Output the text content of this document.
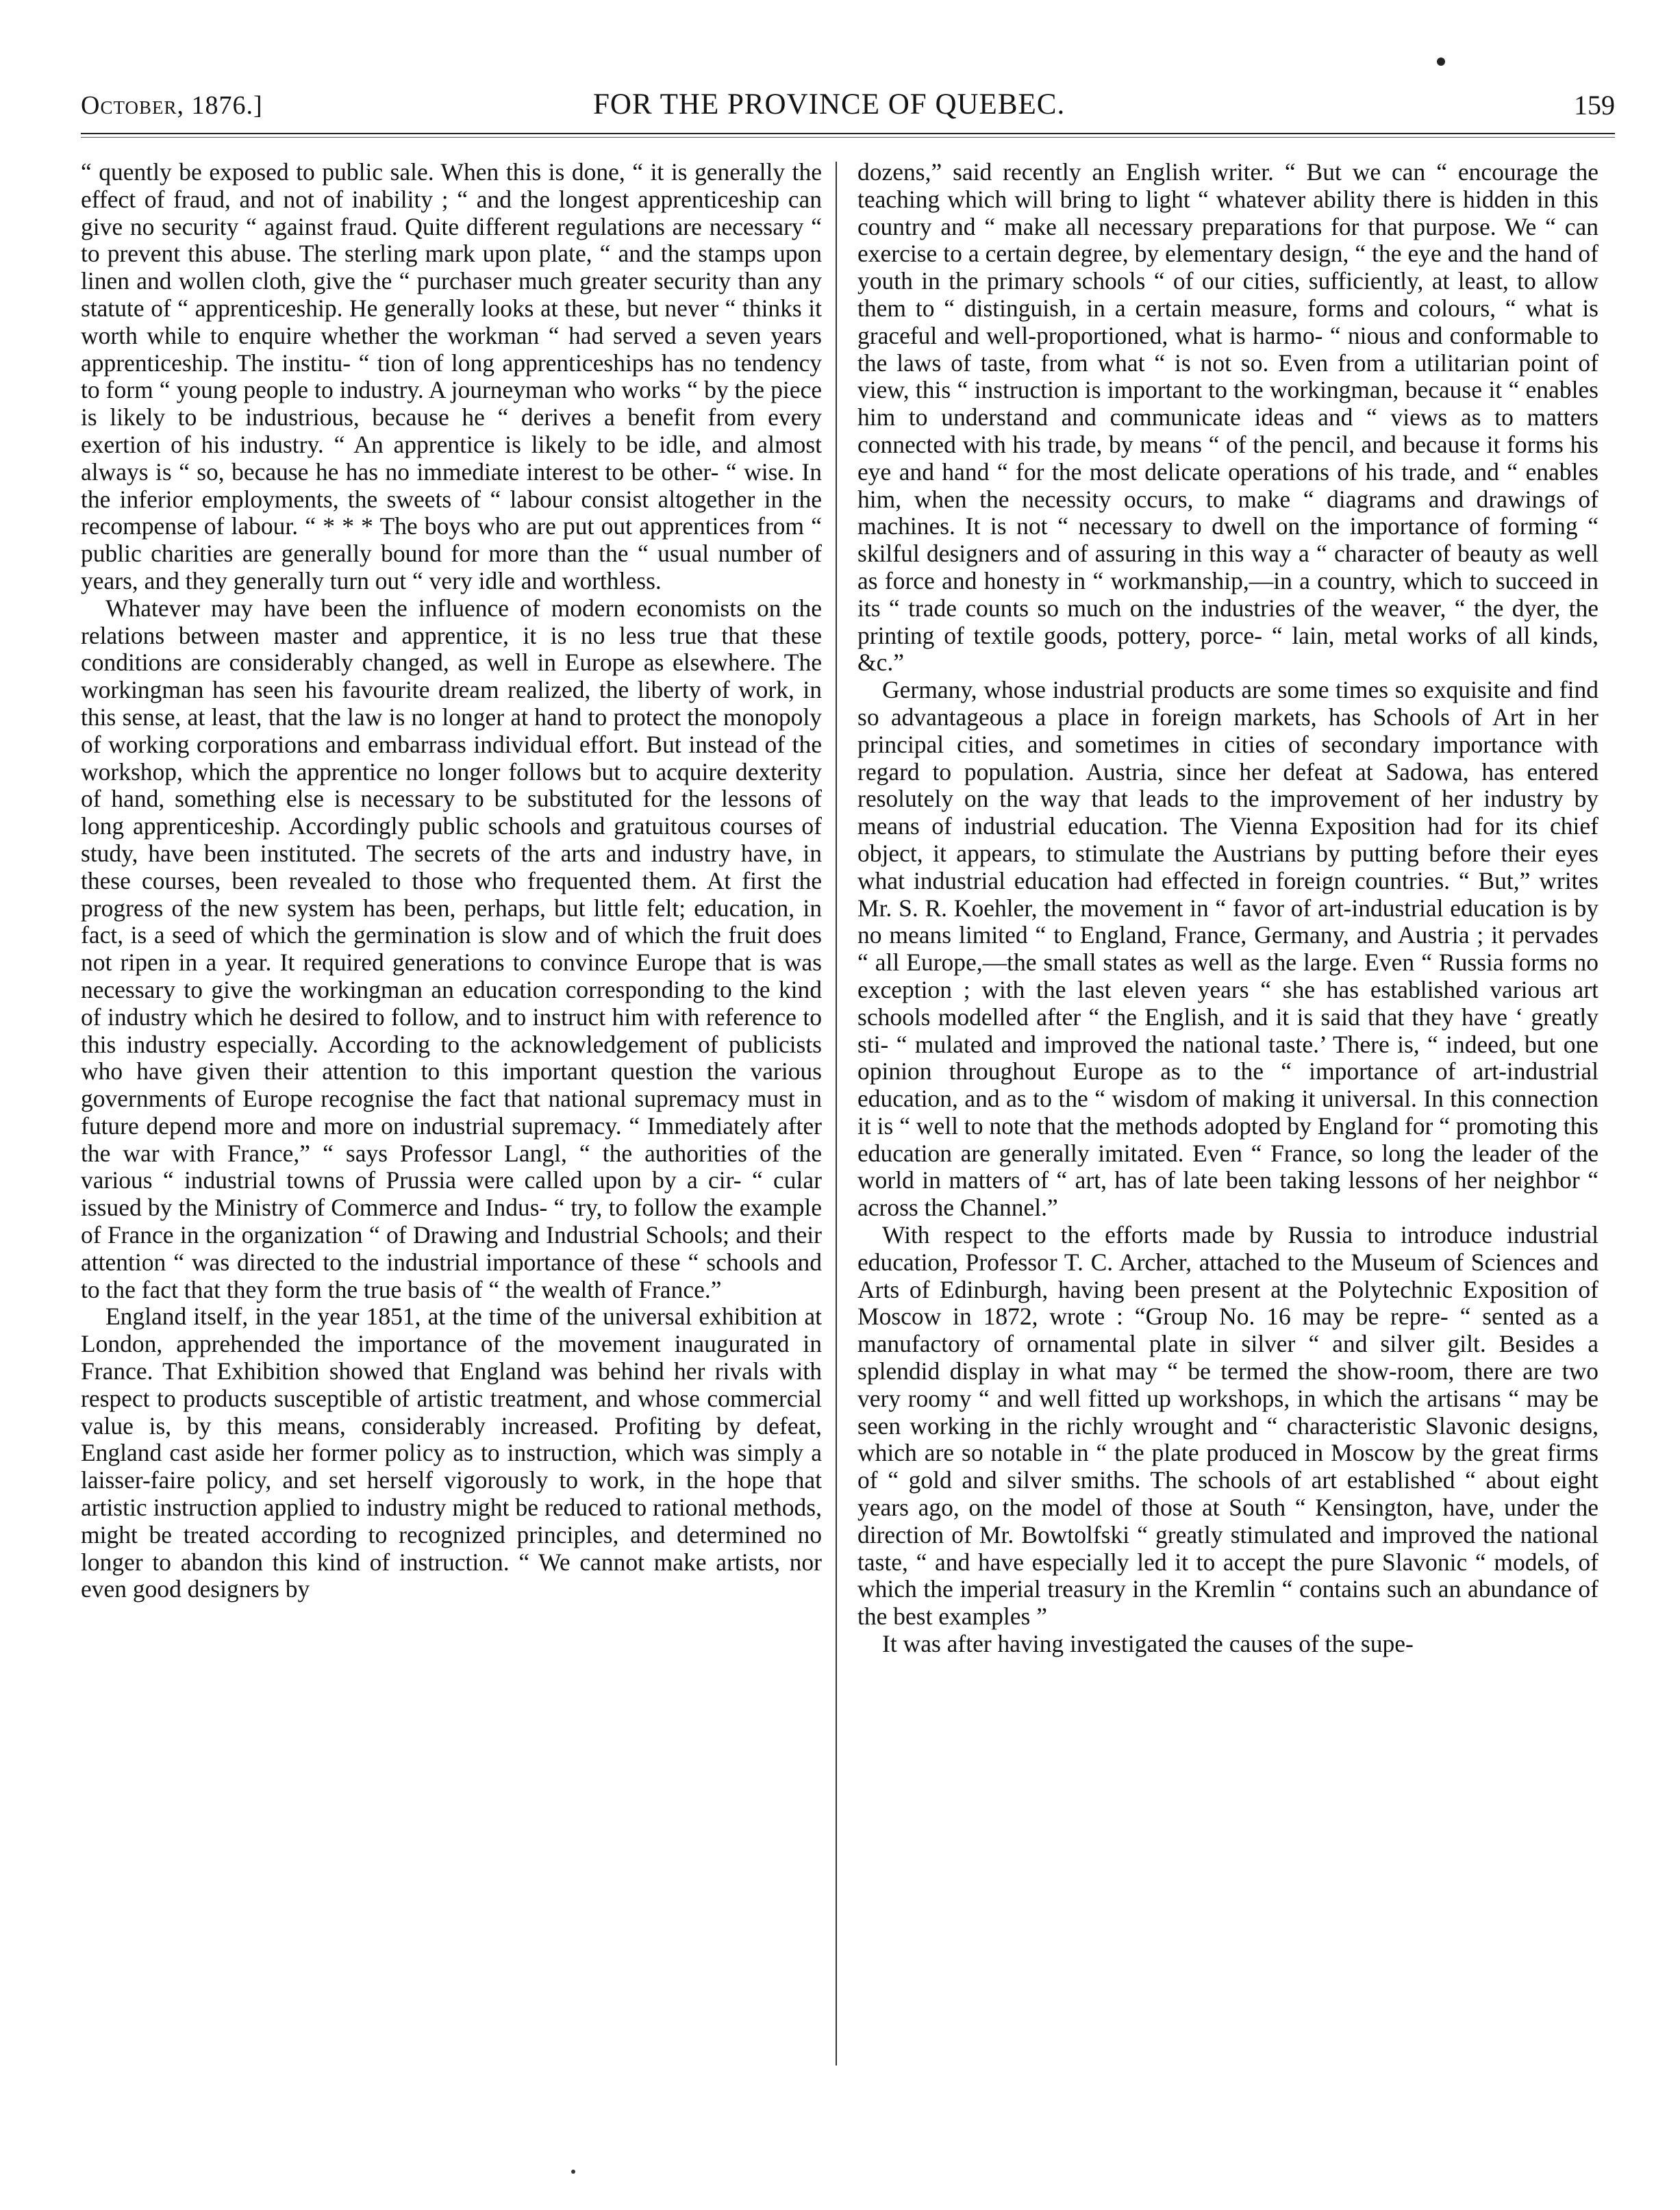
October, 1876.]	FOR THE PROVINCE OF QUEBEC.	159

“ quently be exposed to public sale. When this is done, “ it is generally the effect of fraud, and not of inability ; “ and the longest apprenticeship can give no security “ against fraud. Quite different regulations are necessary “ to prevent this abuse. The sterling mark upon plate, “ and the stamps upon linen and wollen cloth, give the “ purchaser much greater security than any statute of “ apprenticeship. He generally looks at these, but never “ thinks it worth while to enquire whether the workman “ had served a seven years apprenticeship. The institu- “ tion of long apprenticeships has no tendency to form “ young people to industry. A journeyman who works “ by the piece is likely to be industrious, because he “ derives a benefit from every exertion of his industry. “ An apprentice is likely to be idle, and almost always is “ so, because he has no immediate interest to be other- “ wise. In the inferior employments, the sweets of “ labour consist altogether in the recompense of labour. “ * * * The boys who are put out apprentices from “ public charities are generally bound for more than the “ usual number of years, and they generally turn out “ very idle and worthless.

Whatever may have been the influence of modern economists on the relations between master and apprentice, it is no less true that these conditions are considerably changed, as well in Europe as elsewhere. The workingman has seen his favourite dream realized, the liberty of work, in this sense, at least, that the law is no longer at hand to protect the monopoly of working corporations and embarrass individual effort. But instead of the workshop, which the apprentice no longer follows but to acquire dexterity of hand, something else is necessary to be substituted for the lessons of long apprenticeship. Accordingly public schools and gratuitous courses of study, have been instituted. The secrets of the arts and industry have, in these courses, been revealed to those who frequented them. At first the progress of the new system has been, perhaps, but little felt; education, in fact, is a seed of which the germination is slow and of which the fruit does not ripen in a year. It required generations to convince Europe that is was necessary to give the workingman an education corresponding to the kind of industry which he desired to follow, and to instruct him with reference to this industry especially. According to the acknowledgement of publicists who have given their attention to this important question the various governments of Europe recognise the fact that national supremacy must in future depend more and more on industrial supremacy. “ Immediately after the war with France,” “ says Professor Langl, “ the authorities of the various “ industrial towns of Prussia were called upon by a cir- “ cular issued by the Ministry of Commerce and Indus- “ try, to follow the example of France in the organization “ of Drawing and Industrial Schools; and their attention “ was directed to the industrial importance of these “ schools and to the fact that they form the true basis of “ the wealth of France.”

England itself, in the year 1851, at the time of the universal exhibition at London, apprehended the importance of the movement inaugurated in France. That Exhibition showed that England was behind her rivals with respect to products susceptible of artistic treatment, and whose commercial value is, by this means, considerably increased. Profiting by defeat, England cast aside her former policy as to instruction, which was simply a laisser-faire policy, and set herself vigorously to work, in the hope that artistic instruction applied to industry might be reduced to rational methods, might be treated according to recognized principles, and determined no longer to abandon this kind of instruction. “ We cannot make artists, nor even good designers by

dozens,” said recently an English writer. “ But we can “ encourage the teaching which will bring to light “ whatever ability there is hidden in this country and “ make all necessary preparations for that purpose. We “ can exercise to a certain degree, by elementary design, “ the eye and the hand of youth in the primary schools “ of our cities, sufficiently, at least, to allow them to “ distinguish, in a certain measure, forms and colours, “ what is graceful and well-proportioned, what is harmo- “ nious and conformable to the laws of taste, from what “ is not so. Even from a utilitarian point of view, this “ instruction is important to the workingman, because it “ enables him to understand and communicate ideas and “ views as to matters connected with his trade, by means “ of the pencil, and because it forms his eye and hand “ for the most delicate operations of his trade, and “ enables him, when the necessity occurs, to make “ diagrams and drawings of machines. It is not “ necessary to dwell on the importance of forming “ skilful designers and of assuring in this way a “ character of beauty as well as force and honesty in “ workmanship,—in a country, which to succeed in its “ trade counts so much on the industries of the weaver, “ the dyer, the printing of textile goods, pottery, porce- “ lain, metal works of all kinds, &c.”

Germany, whose industrial products are some times so exquisite and find so advantageous a place in foreign markets, has Schools of Art in her principal cities, and sometimes in cities of secondary importance with regard to population. Austria, since her defeat at Sadowa, has entered resolutely on the way that leads to the improvement of her industry by means of industrial education. The Vienna Exposition had for its chief object, it appears, to stimulate the Austrians by putting before their eyes what industrial education had effected in foreign countries. “ But,” writes Mr. S. R. Koehler, the movement in “ favor of art-industrial education is by no means limited “ to England, France, Germany, and Austria ; it pervades “ all Europe,—the small states as well as the large. Even “ Russia forms no exception ; with the last eleven years “ she has established various art schools modelled after “ the English, and it is said that they have ‘ greatly sti- “ mulated and improved the national taste.’ There is, “ indeed, but one opinion throughout Europe as to the “ importance of art-industrial education, and as to the “ wisdom of making it universal. In this connection it is “ well to note that the methods adopted by England for “ promoting this education are generally imitated. Even “ France, so long the leader of the world in matters of “ art, has of late been taking lessons of her neighbor “ across the Channel.”

With respect to the efforts made by Russia to introduce industrial education, Professor T. C. Archer, attached to the Museum of Sciences and Arts of Edinburgh, having been present at the Polytechnic Exposition of Moscow in 1872, wrote : “Group No. 16 may be repre- “ sented as a manufactory of ornamental plate in silver “ and silver gilt. Besides a splendid display in what may “ be termed the show-room, there are two very roomy “ and well fitted up workshops, in which the artisans “ may be seen working in the richly wrought and “ characteristic Slavonic designs, which are so notable in “ the plate produced in Moscow by the great firms of “ gold and silver smiths. The schools of art established “ about eight years ago, on the model of those at South “ Kensington, have, under the direction of Mr. Bowtolfski “ greatly stimulated and improved the national taste, “ and have especially led it to accept the pure Slavonic “ models, of which the imperial treasury in the Kremlin “ contains such an abundance of the best examples ”

It was after having investigated the causes of the supe-
